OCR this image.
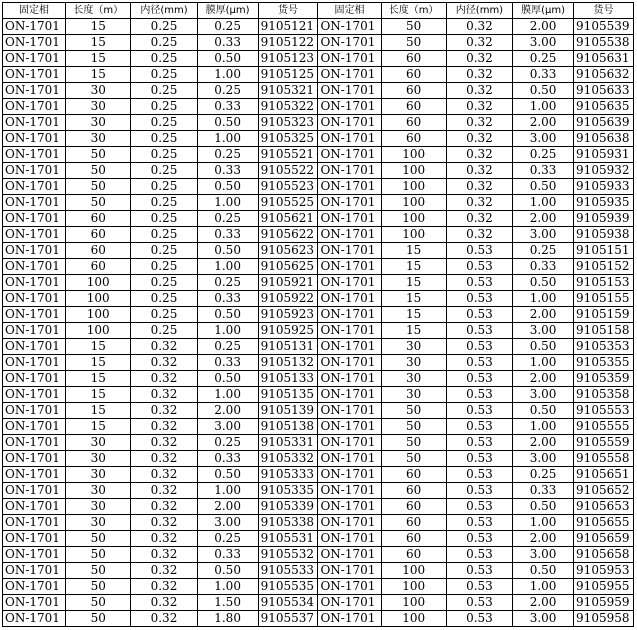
固定相	长度（m）	内径(mm)	膜厚(μm)	货号	固定相	长度（m）	内径(mm)	膜厚(μm)	货号
ON-1701	15	0.25	0.25	9105121	ON-1701	50	0.32	2.00	9105539
ON-1701	15	0.25	0.33	9105122	ON-1701	50	0.32	3.00	9105538
ON-1701	15	0.25	0.50	9105123	ON-1701	60	0.32	0.25	9105631
ON-1701	15	0.25	1.00	9105125	ON-1701	60	0.32	0.33	9105632
ON-1701	30	0.25	0.25	9105321	ON-1701	60	0.32	0.50	9105633
ON-1701	30	0.25	0.33	9105322	ON-1701	60	0.32	1.00	9105635
ON-1701	30	0.25	0.50	9105323	ON-1701	60	0.32	2.00	9105639
ON-1701	30	0.25	1.00	9105325	ON-1701	60	0.32	3.00	9105638
ON-1701	50	0.25	0.25	9105521	ON-1701	100	0.32	0.25	9105931
ON-1701	50	0.25	0.33	9105522	ON-1701	100	0.32	0.33	9105932
ON-1701	50	0.25	0.50	9105523	ON-1701	100	0.32	0.50	9105933
ON-1701	50	0.25	1.00	9105525	ON-1701	100	0.32	1.00	9105935
ON-1701	60	0.25	0.25	9105621	ON-1701	100	0.32	2.00	9105939
ON-1701	60	0.25	0.33	9105622	ON-1701	100	0.32	3.00	9105938
ON-1701	60	0.25	0.50	9105623	ON-1701	15	0.53	0.25	9105151
ON-1701	60	0.25	1.00	9105625	ON-1701	15	0.53	0.33	9105152
ON-1701	100	0.25	0.25	9105921	ON-1701	15	0.53	0.50	9105153
ON-1701	100	0.25	0.33	9105922	ON-1701	15	0.53	1.00	9105155
ON-1701	100	0.25	0.50	9105923	ON-1701	15	0.53	2.00	9105159
ON-1701	100	0.25	1.00	9105925	ON-1701	15	0.53	3.00	9105158
ON-1701	15	0.32	0.25	9105131	ON-1701	30	0.53	0.50	9105353
ON-1701	15	0.32	0.33	9105132	ON-1701	30	0.53	1.00	9105355
ON-1701	15	0.32	0.50	9105133	ON-1701	30	0.53	2.00	9105359
ON-1701	15	0.32	1.00	9105135	ON-1701	30	0.53	3.00	9105358
ON-1701	15	0.32	2.00	9105139	ON-1701	50	0.53	0.50	9105553
ON-1701	15	0.32	3.00	9105138	ON-1701	50	0.53	1.00	9105555
ON-1701	30	0.32	0.25	9105331	ON-1701	50	0.53	2.00	9105559
ON-1701	30	0.32	0.33	9105332	ON-1701	50	0.53	3.00	9105558
ON-1701	30	0.32	0.50	9105333	ON-1701	60	0.53	0.25	9105651
ON-1701	30	0.32	1.00	9105335	ON-1701	60	0.53	0.33	9105652
ON-1701	30	0.32	2.00	9105339	ON-1701	60	0.53	0.50	9105653
ON-1701	30	0.32	3.00	9105338	ON-1701	60	0.53	1.00	9105655
ON-1701	50	0.32	0.25	9105531	ON-1701	60	0.53	2.00	9105659
ON-1701	50	0.32	0.33	9105532	ON-1701	60	0.53	3.00	9105658
ON-1701	50	0.32	0.50	9105533	ON-1701	100	0.53	0.50	9105953
ON-1701	50	0.32	1.00	9105535	ON-1701	100	0.53	1.00	9105955
ON-1701	50	0.32	1.50	9105534	ON-1701	100	0.53	2.00	9105959
ON-1701	50	0.32	1.80	9105537	ON-1701	100	0.53	3.00	9105958
